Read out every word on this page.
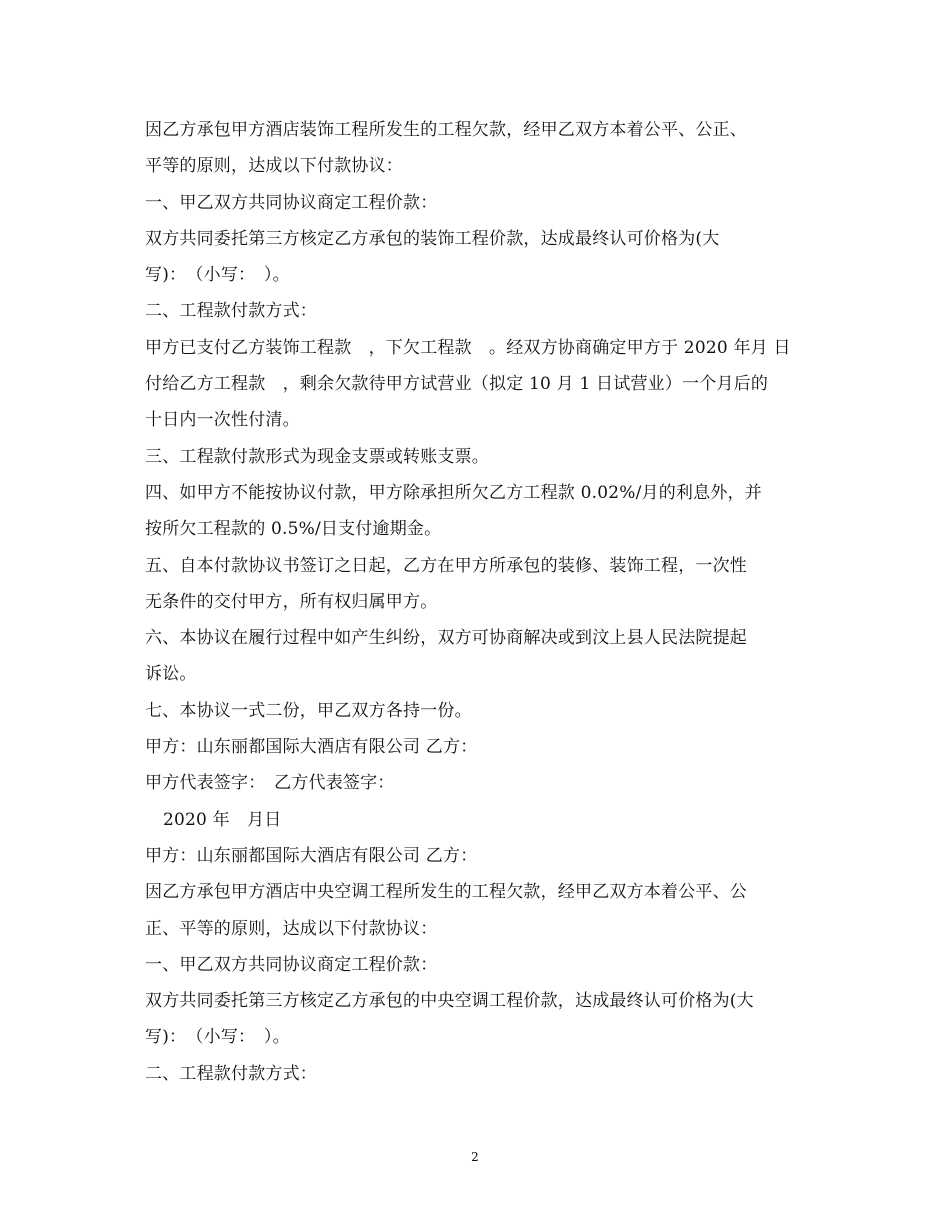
因乙方承包甲方酒店装饰工程所发生的工程欠款，经甲乙双方本着公平、公正、
平等的原则，达成以下付款协议：
一、甲乙双方共同协议商定工程价款：
双方共同委托第三方核定乙方承包的装饰工程价款，达成最终认可价格为(大
写)：　（小写：　）。
二、工程款付款方式：
甲方已支付乙方装饰工程款　，下欠工程款　。经双方协商确定甲方于 2020 年月 日
付给乙方工程款　，剩余欠款待甲方试营业（拟定 10 月 1 日试营业）一个月后的
十日内一次性付清。
三、工程款付款形式为现金支票或转账支票。
四、如甲方不能按协议付款，甲方除承担所欠乙方工程款 0.02%/月的利息外，并
按所欠工程款的 0.5%/日支付逾期金。
五、自本付款协议书签订之日起，乙方在甲方所承包的装修、装饰工程，一次性
无条件的交付甲方，所有权归属甲方。
六、本协议在履行过程中如产生纠纷，双方可协商解决或到汶上县人民法院提起
诉讼。
七、本协议一式二份，甲乙双方各持一份。
甲方：山东丽都国际大酒店有限公司 乙方：
甲方代表签字：　乙方代表签字：
2020 年　月日
甲方：山东丽都国际大酒店有限公司 乙方：
因乙方承包甲方酒店中央空调工程所发生的工程欠款，经甲乙双方本着公平、公
正、平等的原则，达成以下付款协议：
一、甲乙双方共同协议商定工程价款：
双方共同委托第三方核定乙方承包的中央空调工程价款，达成最终认可价格为(大
写)：　（小写：　）。
二、工程款付款方式：
2
